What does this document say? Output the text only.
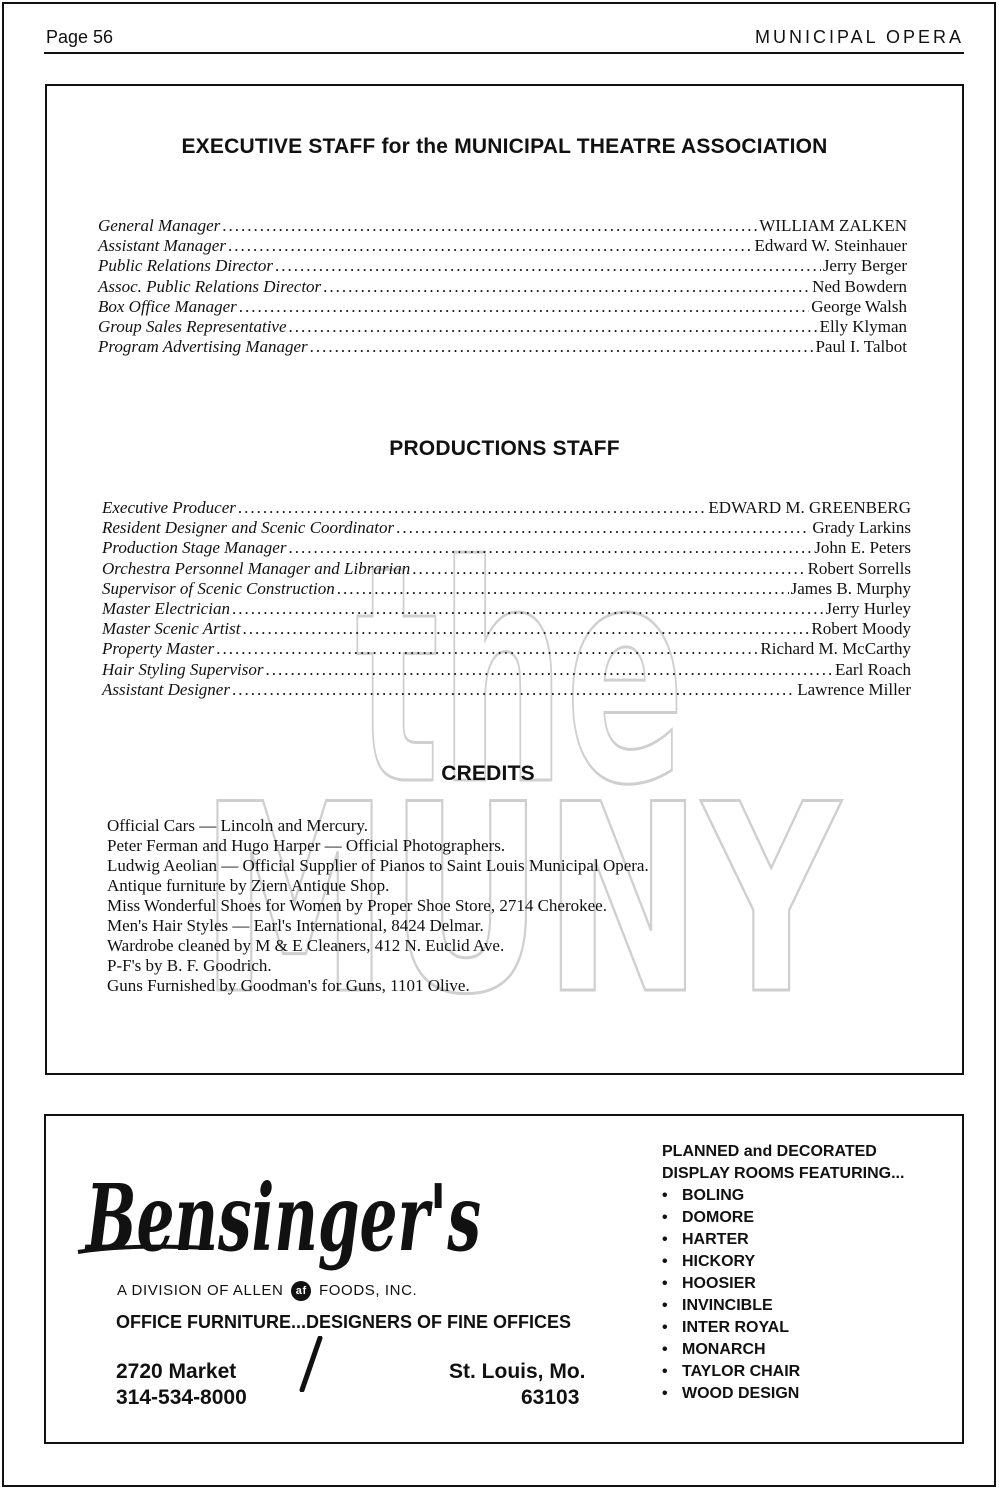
Page 56	MUNICIPAL OPERA
the
MUNY
EXECUTIVE STAFF for the MUNICIPAL THEATRE ASSOCIATION
General Manager .....	WILLIAM ZALKEN
Assistant Manager .....	Edward W. Steinhauer
Public Relations Director .....	Jerry Berger
Assoc. Public Relations Director .....	Ned Bowdern
Box Office Manager .....	George Walsh
Group Sales Representative .....	Elly Klyman
Program Advertising Manager .....	Paul I. Talbot
PRODUCTIONS STAFF
Executive Producer .....	EDWARD M. GREENBERG
Resident Designer and Scenic Coordinator .....	Grady Larkins
Production Stage Manager .....	John E. Peters
Orchestra Personnel Manager and Librarian .....	Robert Sorrells
Supervisor of Scenic Construction .....	James B. Murphy
Master Electrician .....	Jerry Hurley
Master Scenic Artist .....	Robert Moody
Property Master .....	Richard M. McCarthy
Hair Styling Supervisor .....	Earl Roach
Assistant Designer .....	Lawrence Miller
CREDITS
Official Cars — Lincoln and Mercury.
Peter Ferman and Hugo Harper — Official Photographers.
Ludwig Aeolian — Official Supplier of Pianos to Saint Louis Municipal Opera.
Antique furniture by Ziern Antique Shop.
Miss Wonderful Shoes for Women by Proper Shoe Store, 2714 Cherokee.
Men's Hair Styles — Earl's International, 8424 Delmar.
Wardrobe cleaned by M & E Cleaners, 412 N. Euclid Ave.
P-F's by B. F. Goodrich.
Guns Furnished by Goodman's for Guns, 1101 Olive.
Bensinger's
A DIVISION OF ALLEN af FOODS, INC.
OFFICE FURNITURE...DESIGNERS OF FINE OFFICES
2720 Market
314-534-8000
St. Louis, Mo.
63103
PLANNED and DECORATED
DISPLAY ROOMS FEATURING...
• BOLING
• DOMORE
• HARTER
• HICKORY
• HOOSIER
• INVINCIBLE
• INTER ROYAL
• MONARCH
• TAYLOR CHAIR
• WOOD DESIGN
